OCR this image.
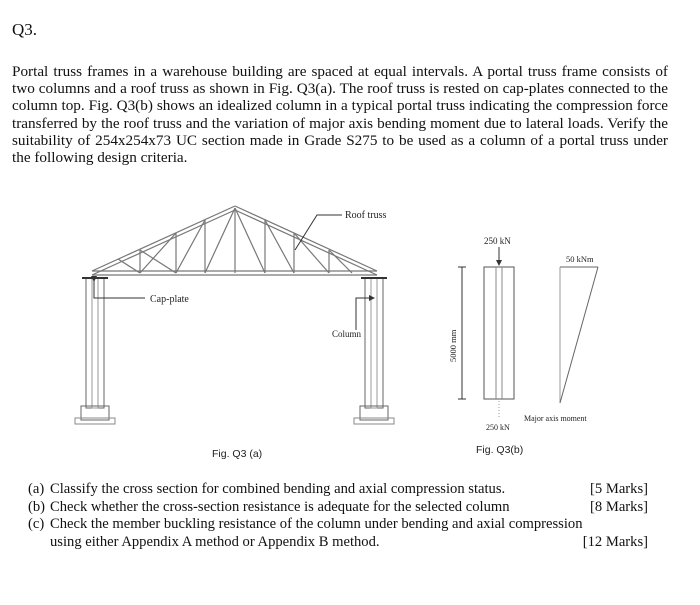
Q3.
Portal truss frames in a warehouse building are spaced at equal intervals. A portal truss frame consists of two columns and a roof truss as shown in Fig. Q3(a). The roof truss is rested on cap-plates connected to the column top. Fig. Q3(b) shows an idealized column in a typical portal truss indicating the compression force transferred by the roof truss and the variation of major axis bending moment due to lateral loads. Verify the suitability of 254x254x73 UC section made in Grade S275 to be used as a column of a portal truss under the following design criteria.
Roof truss
Cap-plate
Column
Fig. Q3 (a)
250 kN
250 kN
5000 mm
50 kNm
Major axis moment
Fig. Q3(b)
(a) Classify the cross section for combined bending and axial compression status.	[5 Marks]
(b) Check whether the cross-section resistance is adequate for the selected column	[8 Marks]
(c) Check the member buckling resistance of the column under bending and axial compression
using either Appendix A method or Appendix B method.	[12 Marks]
